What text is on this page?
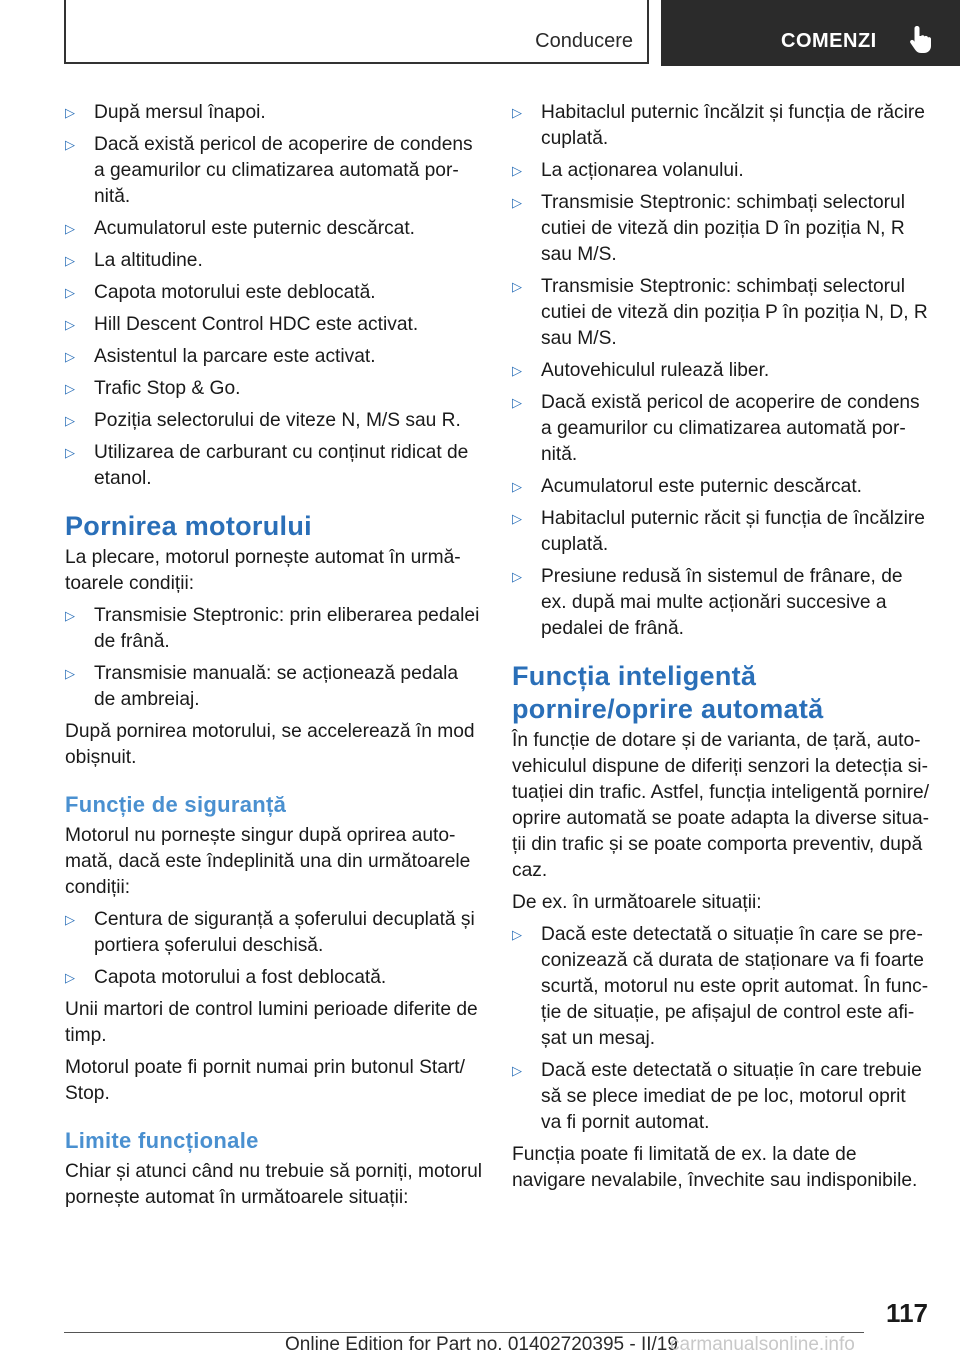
Conducere	COMENZI
▷ După mersul înapoi.
▷ Dacă există pericol de acoperire de condens a geamurilor cu climatizarea automată pornită.
▷ Acumulatorul este puternic descărcat.
▷ La altitudine.
▷ Capota motorului este deblocată.
▷ Hill Descent Control HDC este activat.
▷ Asistentul la parcare este activat.
▷ Trafic Stop & Go.
▷ Poziția selectorului de viteze N, M/S sau R.
▷ Utilizarea de carburant cu conținut ridicat de etanol.
Pornirea motorului

La plecare, motorul pornește automat în următoarele condiții:

▷ Transmisie Steptronic: prin eliberarea pedalei de frână.
▷ Transmisie manuală: se acționează pedala de ambreiaj.

După pornirea motorului, se accelerează în mod obișnuit.

Funcție de siguranță

Motorul nu pornește singur după oprirea automată, dacă este îndeplinită una din următoarele condiții:

▷ Centura de siguranță a șoferului decuplată și portiera șoferului deschisă.
▷ Capota motorului a fost deblocată.

Unii martori de control lumini perioade diferite de timp.

Motorul poate fi pornit numai prin butonul Start/ Stop.

Limite funcționale

Chiar și atunci când nu trebuie să porniți, motorul pornește automat în următoarele situații:

▷ Habitaclul puternic încălzit și funcția de răcire cuplată.
▷ La acționarea volanului.
▷ Transmisie Steptronic: schimbați selectorul cutiei de viteză din poziția D în poziția N, R sau M/S.
▷ Transmisie Steptronic: schimbați selectorul cutiei de viteză din poziția P în poziția N, D, R sau M/S.
▷ Autovehiculul rulează liber.
▷ Dacă există pericol de acoperire de condens a geamurilor cu climatizarea automată pornită.
▷ Acumulatorul este puternic descărcat.
▷ Habitaclul puternic răcit și funcția de încălzire cuplată.
▷ Presiune redusă în sistemul de frânare, de ex. după mai multe acționări succesive a pedalei de frână.
Funcția inteligentă pornire/oprire automată

În funcție de dotare și de varianta, de țară, autovehiculul dispune de diferiți senzori la detecția situației din trafic. Astfel, funcția inteligentă pornire/ oprire automată se poate adapta la diverse situații din trafic și se poate comporta preventiv, după caz.

De ex. în următoarele situații:

▷ Dacă este detectată o situație în care se preconizează că durata de staționare va fi foarte scurtă, motorul nu este oprit automat. În funcție de situație, pe afișajul de control este afișat un mesaj.
▷ Dacă este detectată o situație în care trebuie să se plece imediat de pe loc, motorul oprit va fi pornit automat.

Funcția poate fi limitată de ex. la date de navigare nevalabile, învechite sau indisponibile.

117
Online Edition for Part no. 01402720395 - II/19
carmanualsonline.info
